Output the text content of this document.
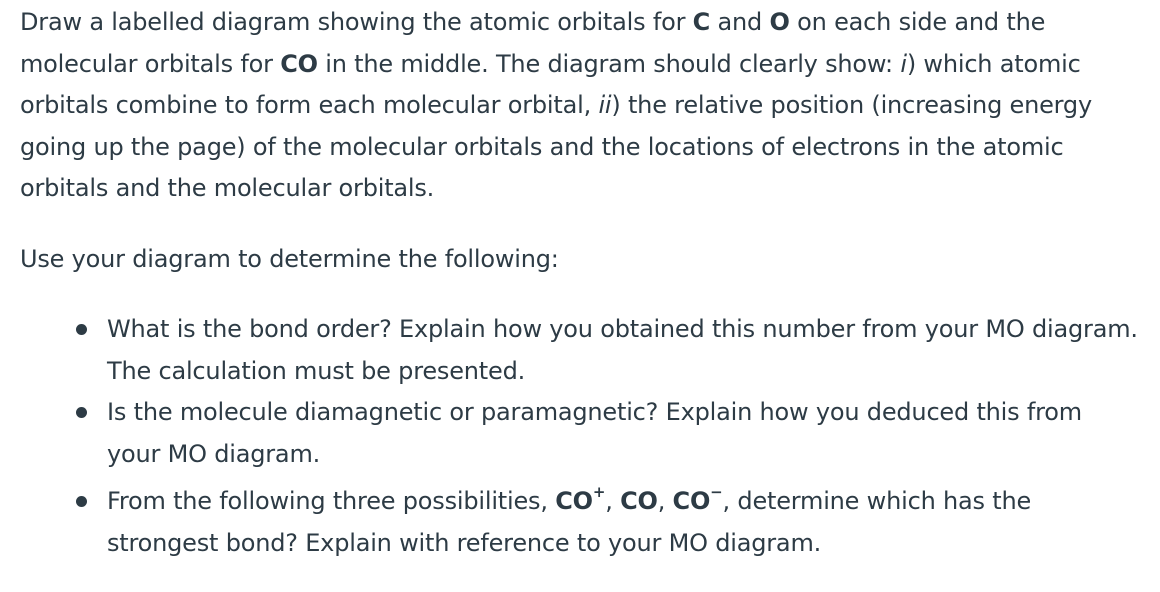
Draw a labelled diagram showing the atomic orbitals for C and O on each side and the molecular orbitals for CO in the middle. The diagram should clearly show: i) which atomic orbitals combine to form each molecular orbital, ii) the relative position (increasing energy going up the page) of the molecular orbitals and the locations of electrons in the atomic orbitals and the molecular orbitals.

Use your diagram to determine the following:

What is the bond order? Explain how you obtained this number from your MO diagram. The calculation must be presented.
Is the molecule diamagnetic or paramagnetic? Explain how you deduced this from your MO diagram.
From the following three possibilities, CO+, CO, CO−, determine which has the strongest bond? Explain with reference to your MO diagram.
